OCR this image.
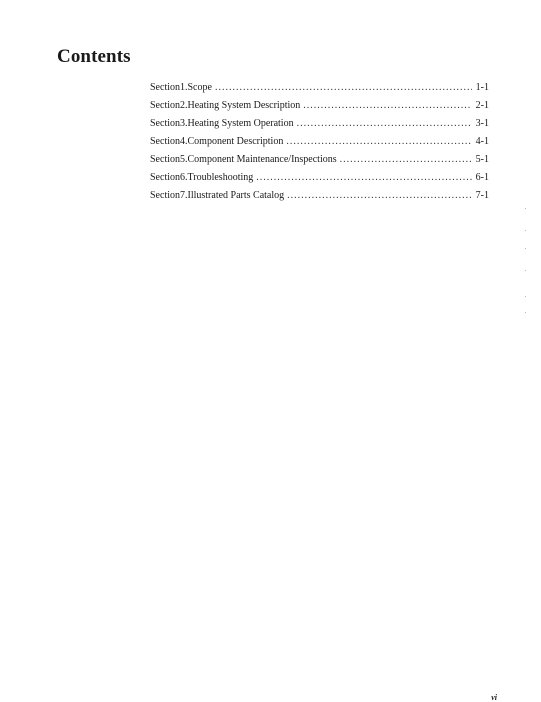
Contents
Section 1. Scope .....	1-1
Section 2. Heating System Description .....	2-1
Section 3. Heating System Operation .....	3-1
Section 4. Component Description .....	4-1
Section 5. Component Maintenance/Inspections .....	5-1
Section 6. Troubleshooting .....	6-1
Section 7. Illustrated Parts Catalog .....	7-1
vi
